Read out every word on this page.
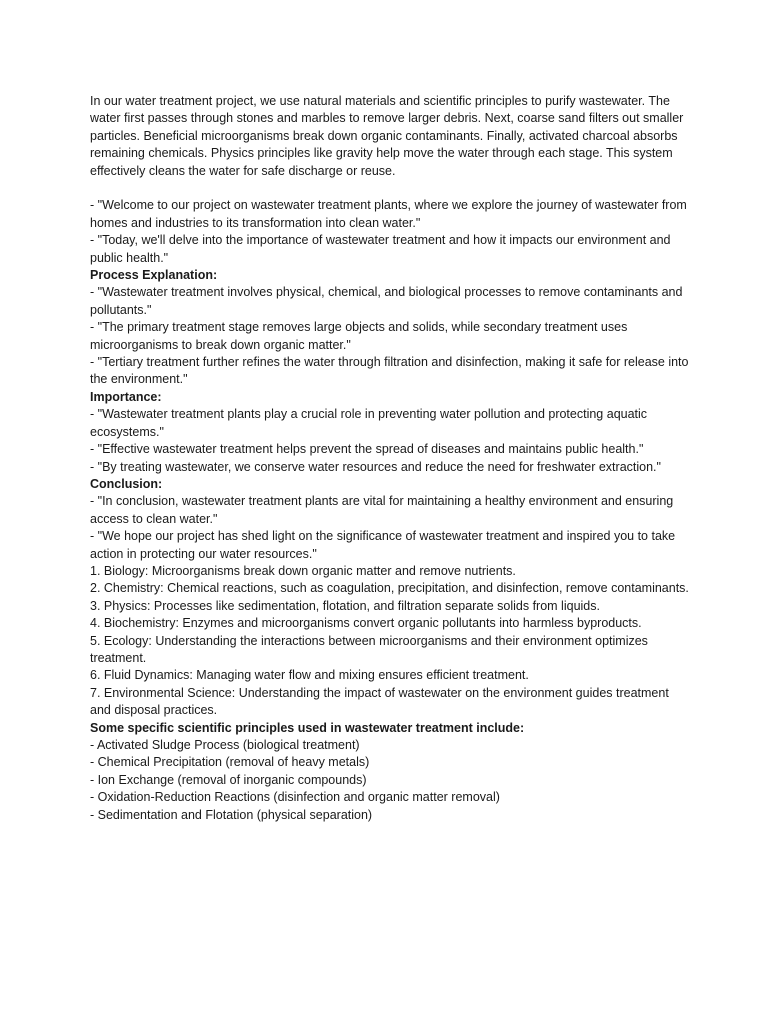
In our water treatment project, we use natural materials and scientific principles to purify wastewater. The water first passes through stones and marbles to remove larger debris. Next, coarse sand filters out smaller particles. Beneficial microorganisms break down organic contaminants. Finally, activated charcoal absorbs remaining chemicals. Physics principles like gravity help move the water through each stage. This system effectively cleans the water for safe discharge or reuse.

- "Welcome to our project on wastewater treatment plants, where we explore the journey of wastewater from homes and industries to its transformation into clean water."

- "Today, we'll delve into the importance of wastewater treatment and how it impacts our environment and public health."

Process Explanation:

- "Wastewater treatment involves physical, chemical, and biological processes to remove contaminants and pollutants."

- "The primary treatment stage removes large objects and solids, while secondary treatment uses microorganisms to break down organic matter."

- "Tertiary treatment further refines the water through filtration and disinfection, making it safe for release into the environment."

Importance:

- "Wastewater treatment plants play a crucial role in preventing water pollution and protecting aquatic ecosystems."

- "Effective wastewater treatment helps prevent the spread of diseases and maintains public health."

- "By treating wastewater, we conserve water resources and reduce the need for freshwater extraction."

Conclusion:

- "In conclusion, wastewater treatment plants are vital for maintaining a healthy environment and ensuring access to clean water."

- "We hope our project has shed light on the significance of wastewater treatment and inspired you to take action in protecting our water resources."

1. Biology: Microorganisms break down organic matter and remove nutrients.

2. Chemistry: Chemical reactions, such as coagulation, precipitation, and disinfection, remove contaminants.

3. Physics: Processes like sedimentation, flotation, and filtration separate solids from liquids.

4. Biochemistry: Enzymes and microorganisms convert organic pollutants into harmless byproducts.

5. Ecology: Understanding the interactions between microorganisms and their environment optimizes treatment.

6. Fluid Dynamics: Managing water flow and mixing ensures efficient treatment.

7. Environmental Science: Understanding the impact of wastewater on the environment guides treatment and disposal practices.

Some specific scientific principles used in wastewater treatment include:

- Activated Sludge Process (biological treatment)

- Chemical Precipitation (removal of heavy metals)

- Ion Exchange (removal of inorganic compounds)

- Oxidation-Reduction Reactions (disinfection and organic matter removal)

- Sedimentation and Flotation (physical separation)
